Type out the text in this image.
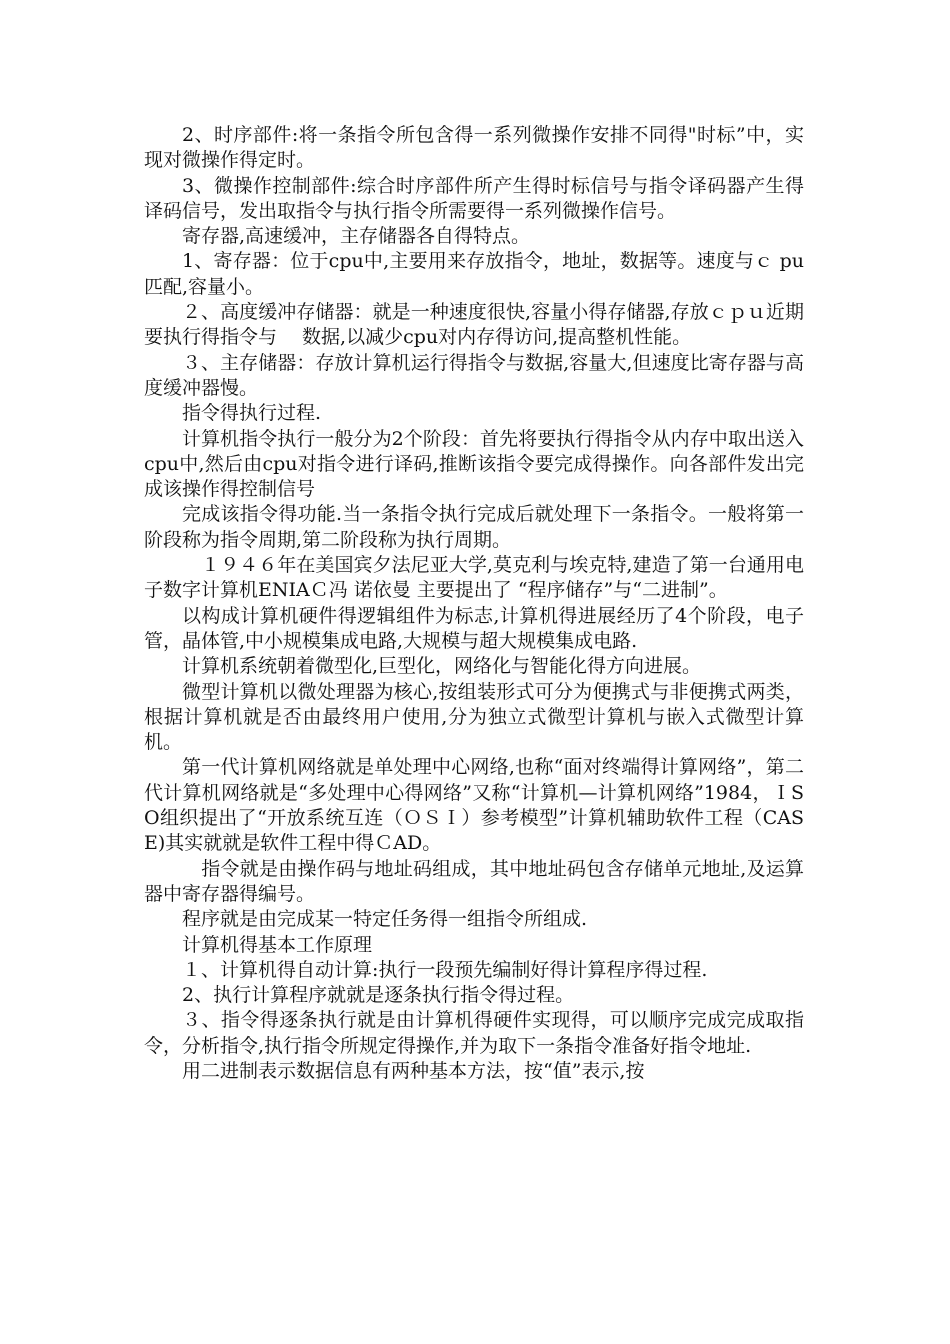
2、时序部件:将一条指令所包含得一系列微操作安排不同得"时标”中，实现对微操作得定时。

3、微操作控制部件:综合时序部件所产生得时标信号与指令译码器产生得译码信号，发出取指令与执行指令所需要得一系列微操作信号。

寄存器,高速缓冲，主存储器各自得特点。

1、寄存器：位于cpu中,主要用来存放指令，地址，数据等。速度与ｃ pu匹配,容量小。

２、高度缓冲存储器：就是一种速度很快,容量小得存储器,存放ｃｐｕ近期要执行得指令与　 数据,以减少cpu对内存得访问,提高整机性能。

３、主存储器：存放计算机运行得指令与数据,容量大,但速度比寄存器与高度缓冲器慢。

指令得执行过程.

计算机指令执行一般分为2个阶段：首先将要执行得指令从内存中取出送入cpu中,然后由cpu对指令进行译码,推断该指令要完成得操作。向各部件发出完成该操作得控制信号

完成该指令得功能.当一条指令执行完成后就处理下一条指令。一般将第一阶段称为指令周期,第二阶段称为执行周期。

　１９４６年在美国宾夕法尼亚大学,莫克利与埃克特,建造了第一台通用电子数字计算机ENIAＣ冯 诺依曼 主要提出了 “程序储存”与“二进制”。

以构成计算机硬件得逻辑组件为标志,计算机得进展经历了4个阶段，电子管，晶体管,中小规模集成电路,大规模与超大规模集成电路.

计算机系统朝着微型化,巨型化，网络化与智能化得方向进展。

微型计算机以微处理器为核心,按组装形式可分为便携式与非便携式两类，根据计算机就是否由最终用户使用,分为独立式微型计算机与嵌入式微型计算机。

第一代计算机网络就是单处理中心网络,也称“面对终端得计算网络”，第二代计算机网络就是“多处理中心得网络”又称“计算机—计算机网络”1984，ＩSO组织提出了“开放系统互连（ＯＳＩ）参考模型”计算机辅助软件工程（CASE)其实就就是软件工程中得ＣAD。

　指令就是由操作码与地址码组成，其中地址码包含存储单元地址,及运算器中寄存器得编号。

程序就是由完成某一特定任务得一组指令所组成.

计算机得基本工作原理

１、计算机得自动计算:执行一段预先编制好得计算程序得过程.

2、执行计算程序就就是逐条执行指令得过程。

３、指令得逐条执行就是由计算机得硬件实现得，可以顺序完成完成取指令，分析指令,执行指令所规定得操作,并为取下一条指令准备好指令地址.

用二进制表示数据信息有两种基本方法，按“值”表示,按
